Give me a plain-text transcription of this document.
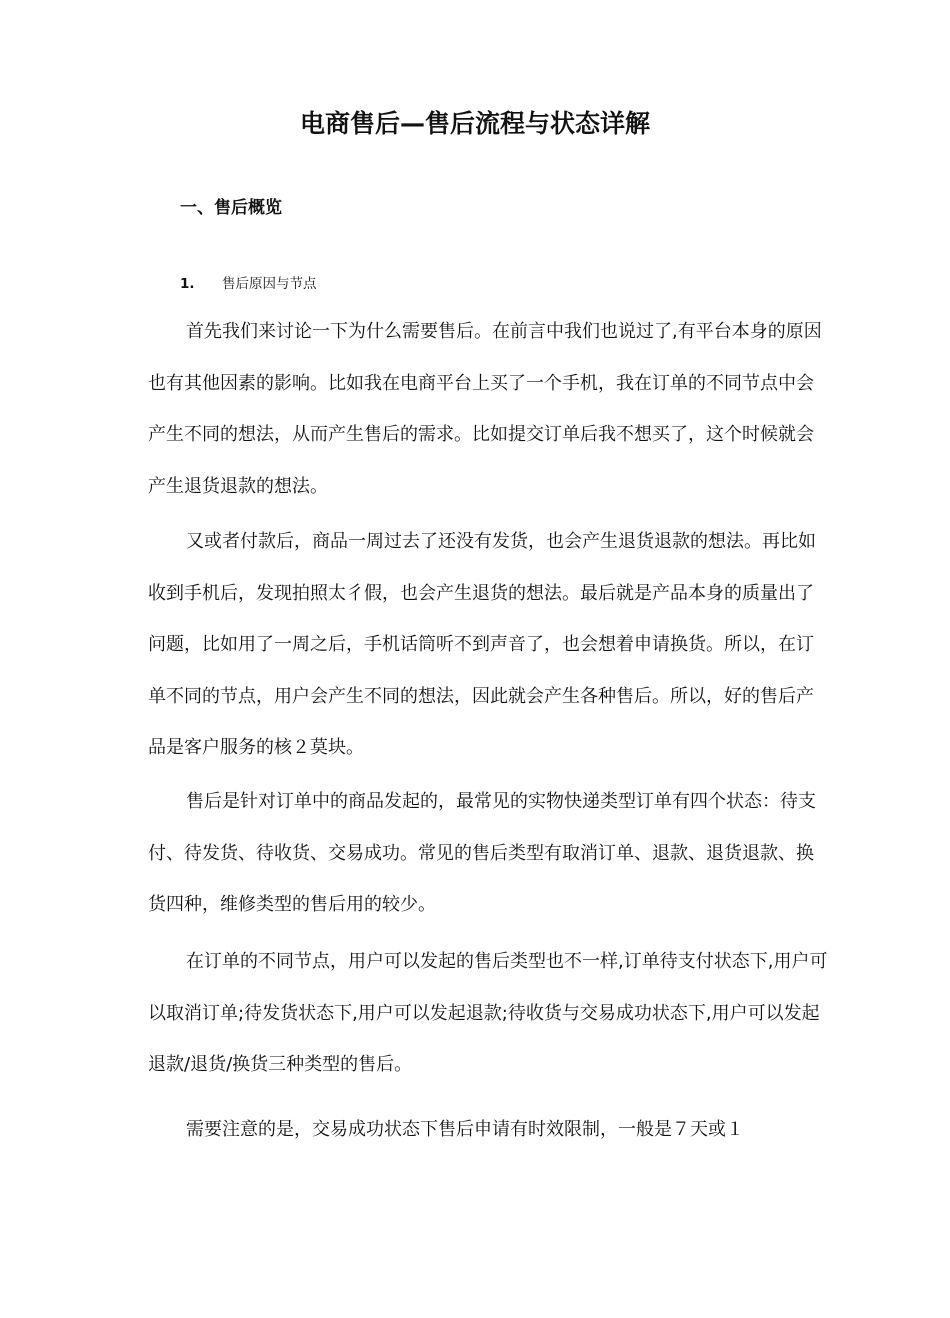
电商售后—售后流程与状态详解
一、售后概览
1.	售后原因与节点

首先我们来讨论一下为什么需要售后。在前言中我们也说过了,有平台本身的原因也有其他因素的影响。比如我在电商平台上买了一个手机，我在订单的不同节点中会产生不同的想法，从而产生售后的需求。比如提交订单后我不想买了，这个时候就会产生退货退款的想法。

又或者付款后，商品一周过去了还没有发货，也会产生退货退款的想法。再比如收到手机后，发现拍照太彳假，也会产生退货的想法。最后就是产品本身的质量出了问题，比如用了一周之后，手机话筒听不到声音了，也会想着申请换货。所以，在订单不同的节点，用户会产生不同的想法，因此就会产生各种售后。所以，好的售后产品是客户服务的核２莫块。

售后是针对订单中的商品发起的，最常见的实物快递类型订单有四个状态：待支付、待发货、待收货、交易成功。常见的售后类型有取消订单、退款、退货退款、换货四种，维修类型的售后用的较少。

在订单的不同节点，用户可以发起的售后类型也不一样,订单待支付状态下,用户可以取消订单;待发货状态下,用户可以发起退款;待收货与交易成功状态下,用户可以发起退款/退货/换货三种类型的售后。

需要注意的是，交易成功状态下售后申请有时效限制，一般是７天或１
